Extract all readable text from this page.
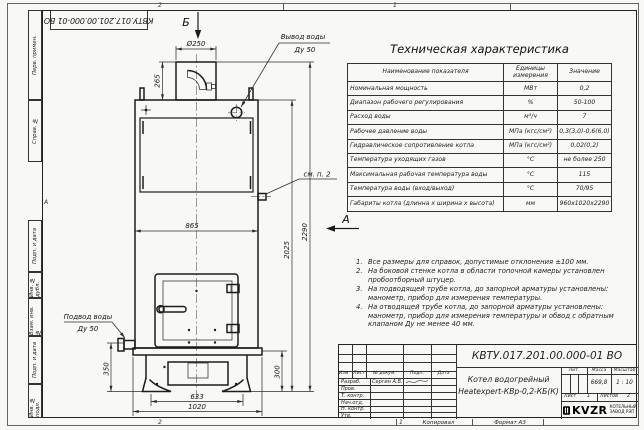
2	1
А
Перв. примен.
Справ. №
Подп. и дата
Инв. № дубл.
Взам. инв. №
Подп. и дата
Инв. № подл.
КВТУ.017.201.00.000-01 ВО	Б
Ø250
265
см. п. 2
Подвод воды
Ду 50
Вывод воды
Ду 50
865
2025
2290
350	300
633
1020
А
Техническая характеристика
Наименование показателя	Единицы измерения	Значение
Номинальная мощность	МВт	0,2
Диапазон рабочего регулирования	%	50-100
Расход воды	м³/ч	7
Рабочее давление воды	МПа (кгс/см²)	0,3(3,0)-0,6(6,0)
Гидравлическое сопротивление котла	МПа (кгс/см²)	0,02(0,2)
Температура уходящих газов	°С	не более 250
Максимальная рабочая температура воды	°С	115
Температура воды (вход/выход)	°С	70/95
Габариты котла (длинна х ширина х высота)	мм	960х1020х2290
1. Все размеры для справок, допустимые отклонения ±100 мм.
2. На боковой стенке котла в области топочной камеры установлен пробоотборный штуцер.
3. На подводящей трубе котла, до запорной арматуры установлены: манометр, прибор для измерения температуры.
4. На отводящей трубе котла, до запорной арматуры установлены: манометр, прибор для измерения температуры и обвод с обратным клапаном Ду не менее 40 мм.
Изм	Лист	№ докум.	Подп.	Дата
Разраб. Сергин А.В.
Пров.
Т. контр.
Нач.отд.
Н. контр.
Утв.
КВТУ.017.201.00.000-01 ВО
Котел водогрейный
Heatexpert-КВр-0,2-КБ(К)
Лит.	Масса	Масштаб
669,8	1 : 10
Лист 1 Листов 2
KVZR КОТЕЛЬНЫЙ
ЗАВОД РЭП
2	1	Копировал	Формат А3
